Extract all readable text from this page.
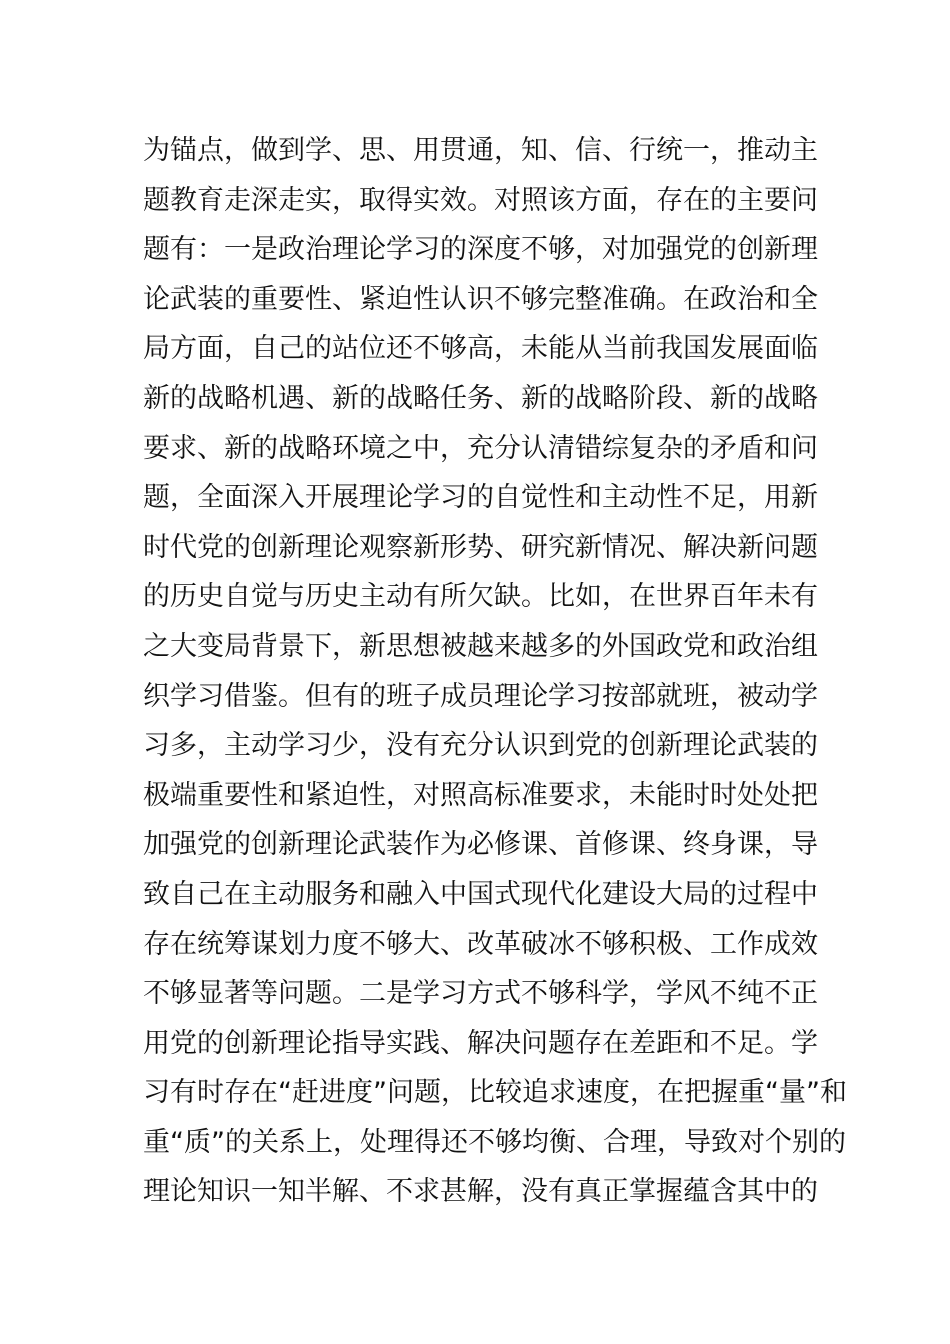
为锚点，做到学、思、用贯通，知、信、行统一，推动主
题教育走深走实，取得实效。对照该方面，存在的主要问
题有：一是政治理论学习的深度不够，对加强党的创新理
论武装的重要性、紧迫性认识不够完整准确。在政治和全
局方面，自己的站位还不够高，未能从当前我国发展面临
新的战略机遇、新的战略任务、新的战略阶段、新的战略
要求、新的战略环境之中，充分认清错综复杂的矛盾和问
题，全面深入开展理论学习的自觉性和主动性不足，用新
时代党的创新理论观察新形势、研究新情况、解决新问题
的历史自觉与历史主动有所欠缺。比如，在世界百年未有
之大变局背景下，新思想被越来越多的外国政党和政治组
织学习借鉴。但有的班子成员理论学习按部就班，被动学
习多，主动学习少，没有充分认识到党的创新理论武装的
极端重要性和紧迫性，对照高标准要求，未能时时处处把
加强党的创新理论武装作为必修课、首修课、终身课，导
致自己在主动服务和融入中国式现代化建设大局的过程中
存在统筹谋划力度不够大、改革破冰不够积极、工作成效
不够显著等问题。二是学习方式不够科学，学风不纯不正
用党的创新理论指导实践、解决问题存在差距和不足。学
习有时存在“赶进度”问题，比较追求速度，在把握重“量”和
重“质”的关系上，处理得还不够均衡、合理，导致对个别的
理论知识一知半解、不求甚解，没有真正掌握蕴含其中的
